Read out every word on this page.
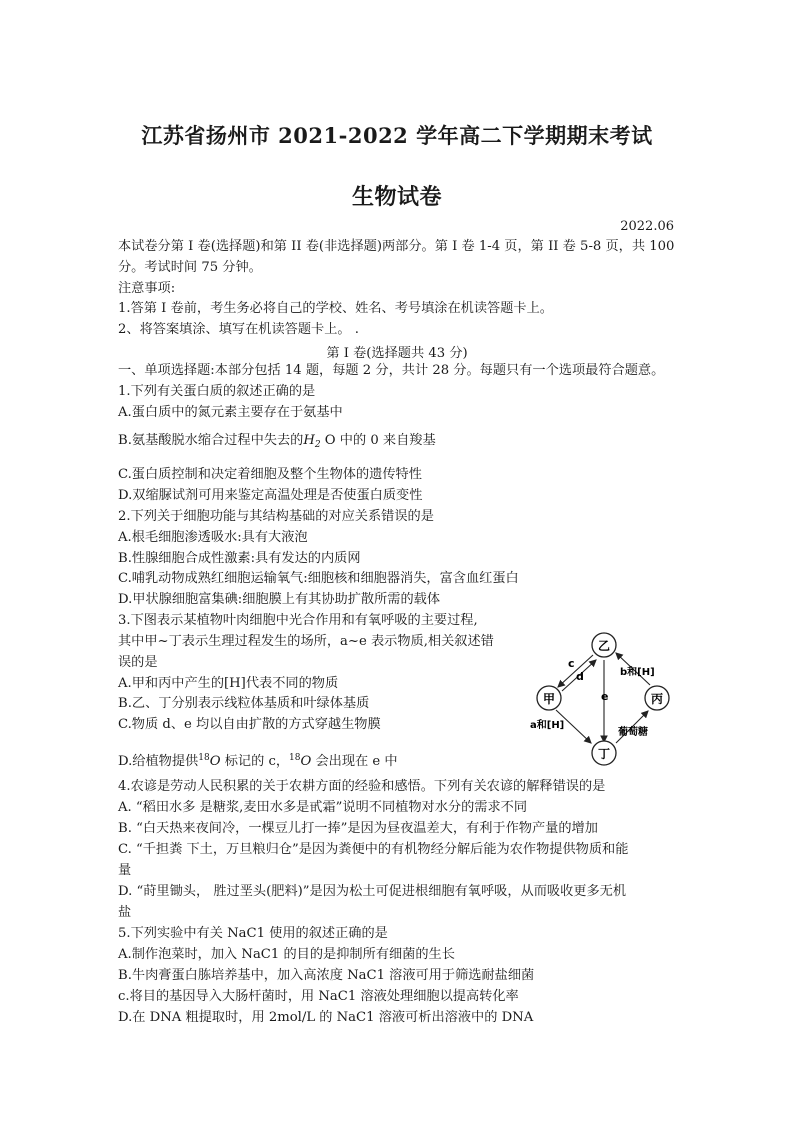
江苏省扬州市 2021-2022 学年高二下学期期末考试
生物试卷
2022.06
本试卷分第 I 卷(选择题)和第 II 卷(非选择题)两部分。第 I 卷 1-4 页，第 II 卷 5-8 页，共 100
分。考试时间 75 分钟。
注意事项:
1.答第 I 卷前，考生务必将自己的学校、姓名、考号填涂在机读答题卡上。
2、将答案填涂、填写在机读答题卡上。 .
第 I 卷(选择题共 43 分)
一、单项选择题:本部分包括 14 题，每题 2 分，共计 28 分。每题只有一个选项最符合题意。
1.下列有关蛋白质的叙述正确的是
A.蛋白质中的氮元素主要存在于氨基中
B.氨基酸脱水缩合过程中失去的$H_2$ O 中的 0 来自羧基
C.蛋白质控制和决定着细胞及整个生物体的遗传特性
D.双缩脲试剂可用来鉴定高温处理是否使蛋白质变性
2.下列关于细胞功能与其结构基础的对应关系错误的是
A.根毛细胞渗透吸水:具有大液泡
B.性腺细胞合成性激素:具有发达的内质网
C.哺乳动物成熟红细胞运输氧气:细胞核和细胞器消失，富含血红蛋白
D.甲状腺细胞富集碘:细胞膜上有其协助扩散所需的载体
3.下图表示某植物叶肉细胞中光合作用和有氧呼吸的主要过程,
其中甲~丁表示生理过程发生的场所，a~e 表示物质,相关叙述错
误的是
A.甲和丙中产生的[H]代表不同的物质
B.乙、丁分别表示线粒体基质和叶绿体基质
C.物质 d、e 均以自由扩散的方式穿越生物膜
D.给植物提供$^{18}$O 标记的 c，$^{18}$O 会出现在 e 中
乙
甲	丙
丁
c
d
e
b和[H]
a和[H]
葡萄糖
4.农谚是劳动人民积累的关于农耕方面的经验和感悟。下列有关农谚的解释错误的是
A. “稻田水多 是糖浆,麦田水多是甙霜”说明不同植物对水分的需求不同
B. “白天热来夜间冷，一棵豆儿打一捧”是因为昼夜温差大，有利于作物产量的增加
C. “千担粪 下土，万旦粮归仓”是因为粪便中的有机物经分解后能为农作物提供物质和能
量
D. “莳里锄头， 胜过垩头(肥料)”是因为松土可促进根细胞有氧呼吸，从而吸收更多无机
盐
5.下列实验中有关 NaC1 使用的叙述正确的是
A.制作泡菜时，加入 NaC1 的目的是抑制所有细菌的生长
B.牛肉膏蛋白胨培养基中，加入高浓度 NaC1 溶液可用于筛选耐盐细菌
c.将目的基因导入大肠杆菌时，用 NaC1 溶液处理细胞以提高转化率
D.在 DNA 粗提取时，用 2mol/L 的 NaC1 溶液可析出溶液中的 DNA
